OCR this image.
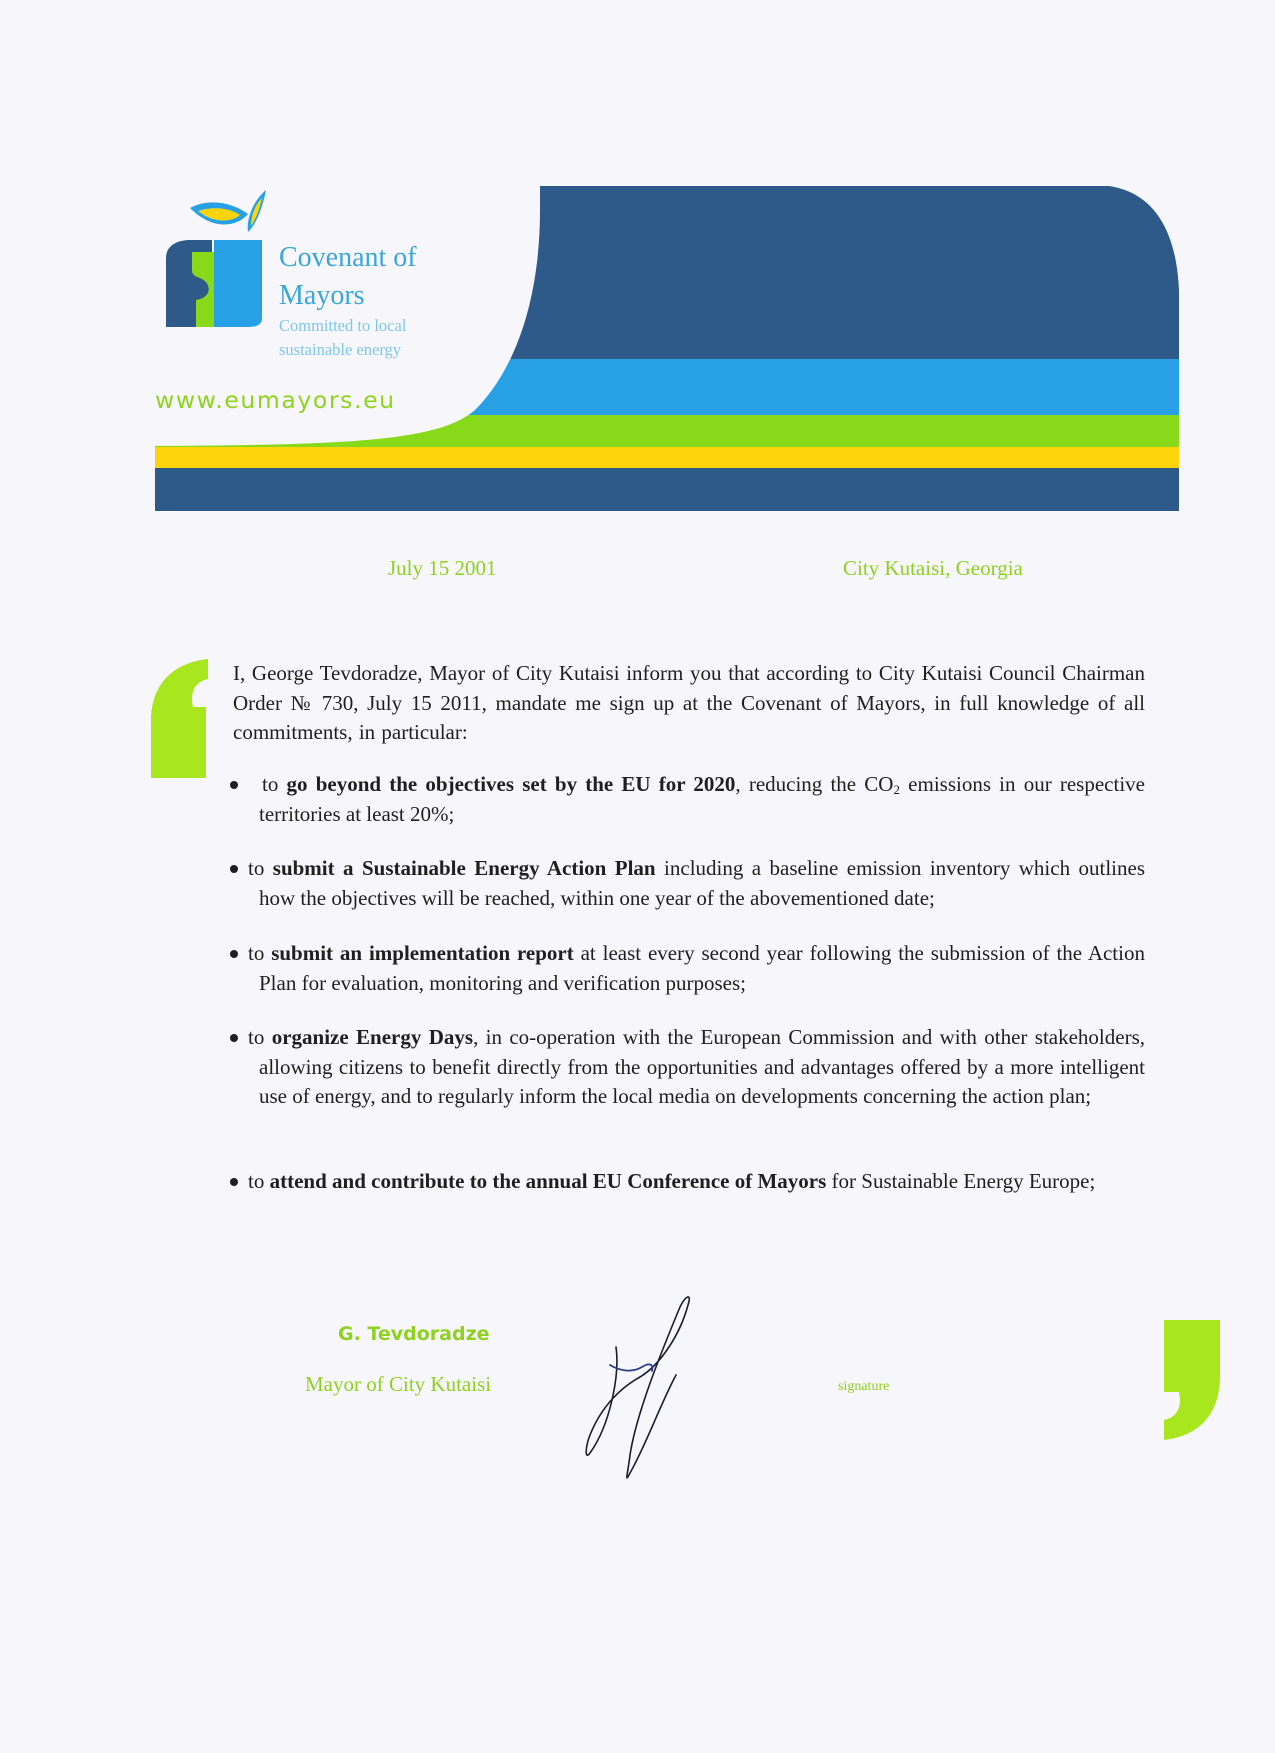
Covenant of
Mayors
Committed to local
sustainable energy
www.eumayors.eu
July 15 2001	City Kutaisi, Georgia
I, George Tevdoradze, Mayor of City Kutaisi inform you that according to City Kutaisi Council Chairman Order № 730, July 15 2011, mandate me sign up at the Covenant of Mayors, in full knowledge of all commitments, in particular:
to go beyond the objectives set by the EU for 2020, reducing the $CO_2$ emissions in our respective territories at least 20%;
to submit a Sustainable Energy Action Plan including a baseline emission inventory which outlines how the objectives will be reached, within one year of the abovementioned date;
to submit an implementation report at least every second year following the submission of the Action Plan for evaluation, monitoring and verification purposes;
to organize Energy Days, in co-operation with the European Commission and with other stakeholders, allowing citizens to benefit directly from the opportunities and advantages offered by a more intelligent use of energy, and to regularly inform the local media on developments concerning the action plan;
to attend and contribute to the annual EU Conference of Mayors for Sustainable Energy Europe;
G. Tevdoradze
Mayor of City Kutaisi	signature
